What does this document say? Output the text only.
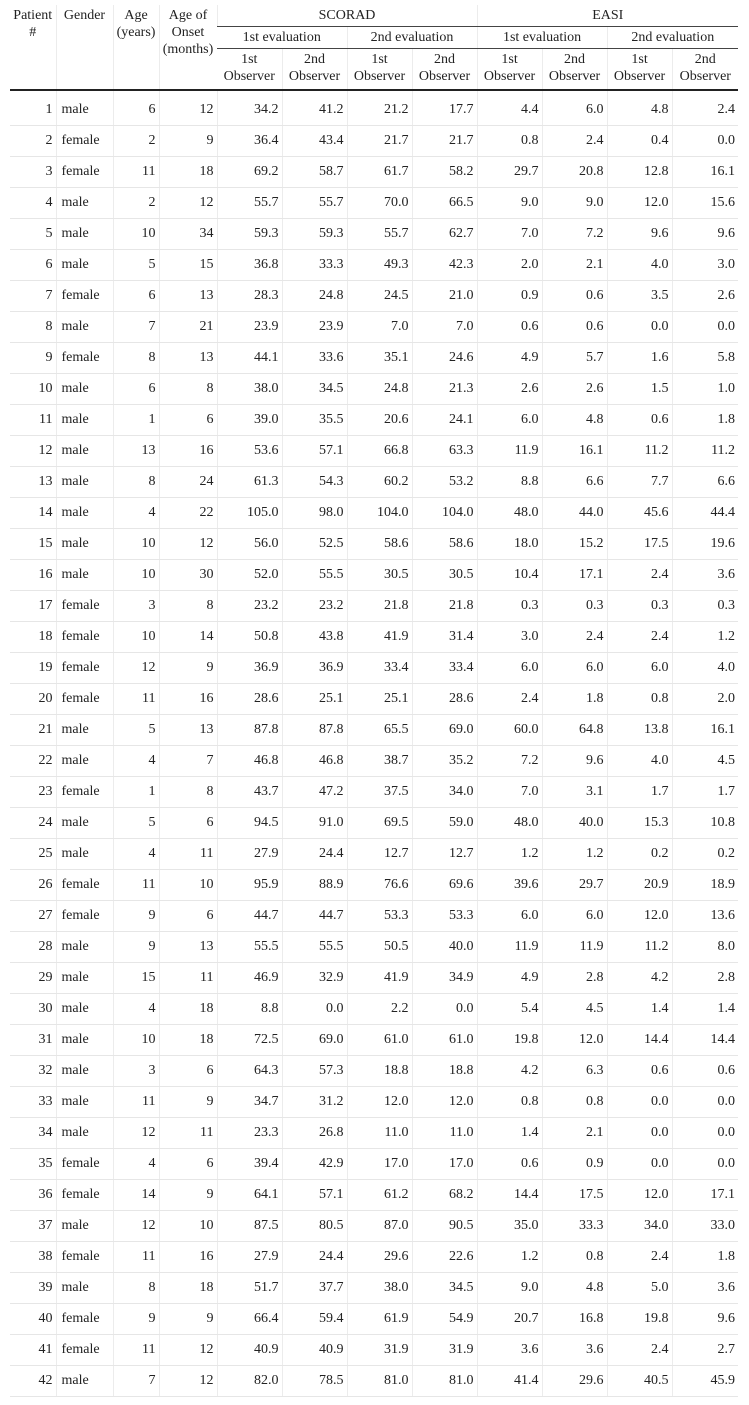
Patient #	Gender	Age (years)	Age of Onset (months)	SCORAD				EASI			
				1st evaluation		2nd evaluation		1st evaluation		2nd evaluation	
				1st Observer	2nd Observer	1st Observer	2nd Observer	1st Observer	2nd Observer	1st Observer	2nd Observer
1	male	6	12	34.2	41.2	21.2	17.7	4.4	6.0	4.8	2.4
2	female	2	9	36.4	43.4	21.7	21.7	0.8	2.4	0.4	0.0
3	female	11	18	69.2	58.7	61.7	58.2	29.7	20.8	12.8	16.1
4	male	2	12	55.7	55.7	70.0	66.5	9.0	9.0	12.0	15.6
5	male	10	34	59.3	59.3	55.7	62.7	7.0	7.2	9.6	9.6
6	male	5	15	36.8	33.3	49.3	42.3	2.0	2.1	4.0	3.0
7	female	6	13	28.3	24.8	24.5	21.0	0.9	0.6	3.5	2.6
8	male	7	21	23.9	23.9	7.0	7.0	0.6	0.6	0.0	0.0
9	female	8	13	44.1	33.6	35.1	24.6	4.9	5.7	1.6	5.8
10	male	6	8	38.0	34.5	24.8	21.3	2.6	2.6	1.5	1.0
11	male	1	6	39.0	35.5	20.6	24.1	6.0	4.8	0.6	1.8
12	male	13	16	53.6	57.1	66.8	63.3	11.9	16.1	11.2	11.2
13	male	8	24	61.3	54.3	60.2	53.2	8.8	6.6	7.7	6.6
14	male	4	22	105.0	98.0	104.0	104.0	48.0	44.0	45.6	44.4
15	male	10	12	56.0	52.5	58.6	58.6	18.0	15.2	17.5	19.6
16	male	10	30	52.0	55.5	30.5	30.5	10.4	17.1	2.4	3.6
17	female	3	8	23.2	23.2	21.8	21.8	0.3	0.3	0.3	0.3
18	female	10	14	50.8	43.8	41.9	31.4	3.0	2.4	2.4	1.2
19	female	12	9	36.9	36.9	33.4	33.4	6.0	6.0	6.0	4.0
20	female	11	16	28.6	25.1	25.1	28.6	2.4	1.8	0.8	2.0
21	male	5	13	87.8	87.8	65.5	69.0	60.0	64.8	13.8	16.1
22	male	4	7	46.8	46.8	38.7	35.2	7.2	9.6	4.0	4.5
23	female	1	8	43.7	47.2	37.5	34.0	7.0	3.1	1.7	1.7
24	male	5	6	94.5	91.0	69.5	59.0	48.0	40.0	15.3	10.8
25	male	4	11	27.9	24.4	12.7	12.7	1.2	1.2	0.2	0.2
26	female	11	10	95.9	88.9	76.6	69.6	39.6	29.7	20.9	18.9
27	female	9	6	44.7	44.7	53.3	53.3	6.0	6.0	12.0	13.6
28	male	9	13	55.5	55.5	50.5	40.0	11.9	11.9	11.2	8.0
29	male	15	11	46.9	32.9	41.9	34.9	4.9	2.8	4.2	2.8
30	male	4	18	8.8	0.0	2.2	0.0	5.4	4.5	1.4	1.4
31	male	10	18	72.5	69.0	61.0	61.0	19.8	12.0	14.4	14.4
32	male	3	6	64.3	57.3	18.8	18.8	4.2	6.3	0.6	0.6
33	male	11	9	34.7	31.2	12.0	12.0	0.8	0.8	0.0	0.0
34	male	12	11	23.3	26.8	11.0	11.0	1.4	2.1	0.0	0.0
35	female	4	6	39.4	42.9	17.0	17.0	0.6	0.9	0.0	0.0
36	female	14	9	64.1	57.1	61.2	68.2	14.4	17.5	12.0	17.1
37	male	12	10	87.5	80.5	87.0	90.5	35.0	33.3	34.0	33.0
38	female	11	16	27.9	24.4	29.6	22.6	1.2	0.8	2.4	1.8
39	male	8	18	51.7	37.7	38.0	34.5	9.0	4.8	5.0	3.6
40	female	9	9	66.4	59.4	61.9	54.9	20.7	16.8	19.8	9.6
41	female	11	12	40.9	40.9	31.9	31.9	3.6	3.6	2.4	2.7
42	male	7	12	82.0	78.5	81.0	81.0	41.4	29.6	40.5	45.9
